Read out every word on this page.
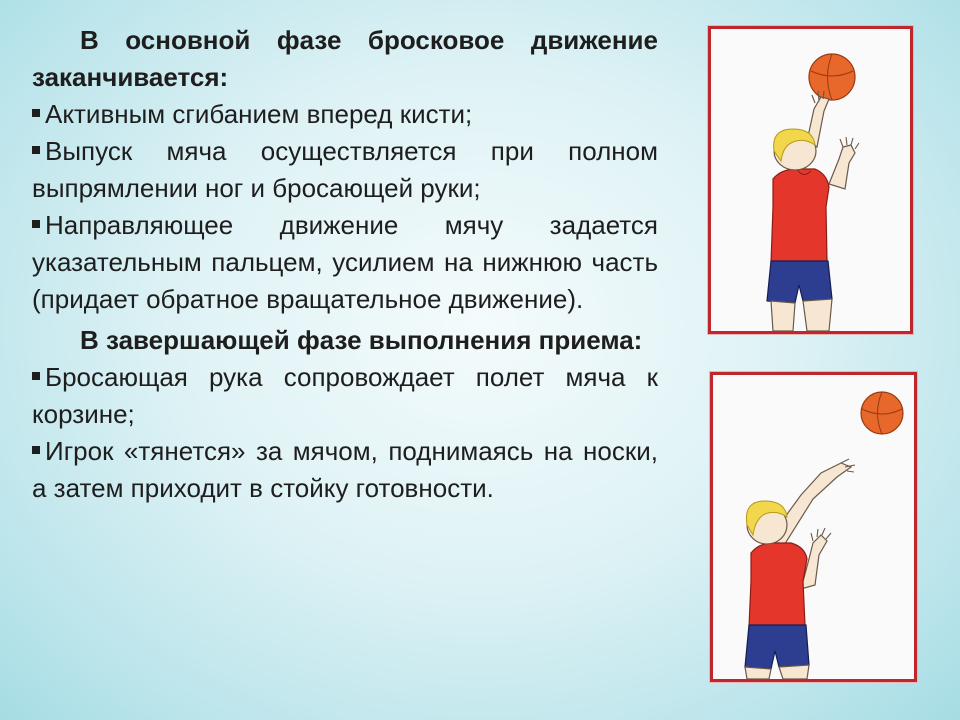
В основной фазе бросковое движение заканчивается:

Активным сгибанием вперед кисти;

Выпуск мяча осуществляется при полном выпрямлении ног и бросающей руки;

Направляющее движение мячу задается указательным пальцем, усилием на нижнюю часть (придает обратное вращательное движение).

В завершающей фазе выполнения приема:

Бросающая рука сопровождает полет мяча к корзине;

Игрок «тянется» за мячом, поднимаясь на носки, а затем приходит в стойку готовности.
